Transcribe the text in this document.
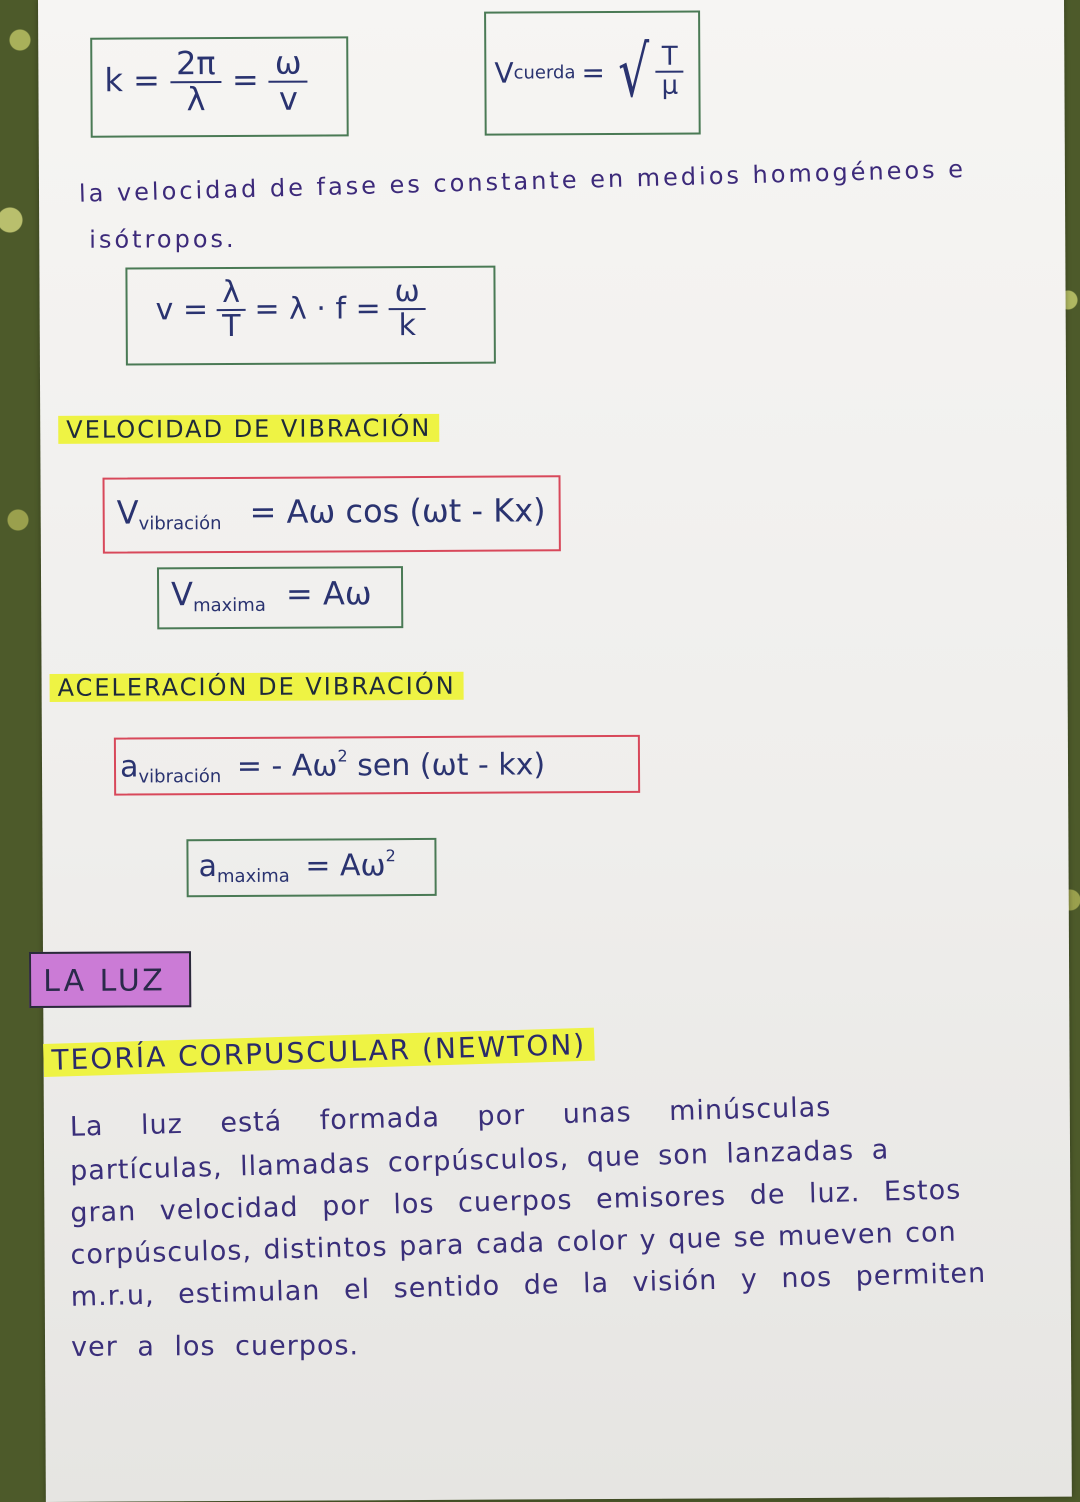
$k = \frac{2\pi}{\lambda} = \frac{\omega}{v}$	V cuerda = √ $\frac{T}{\mu}$
la velocidad de fase es constante en medios homogéneos e
isótropos.
$v = \frac{\lambda}{T} = \lambda \cdot f = \frac{\omega}{k}$
VELOCIDAD DE VIBRACIÓN
$V_{vibración} = A\omega$ cos (ωt - Kx)
$V_{maxima} = A\omega$
ACELERACIÓN DE VIBRACIÓN
$a_{vibración}$ = - $A\omega^2$ sen (ωt - kx)
$a_{maxima} = A\omega^2$
LA LUZ
TEORÍA CORPUSCULAR (NEWTON)
La luz está formada por unas minúsculas
partículas, llamadas corpúsculos, que son lanzadas a
gran velocidad por los cuerpos emisores de luz. Estos
corpúsculos, distintos para cada color y que se mueven con
m.r.u, estimulan el sentido de la visión y nos permiten
ver a los cuerpos.
